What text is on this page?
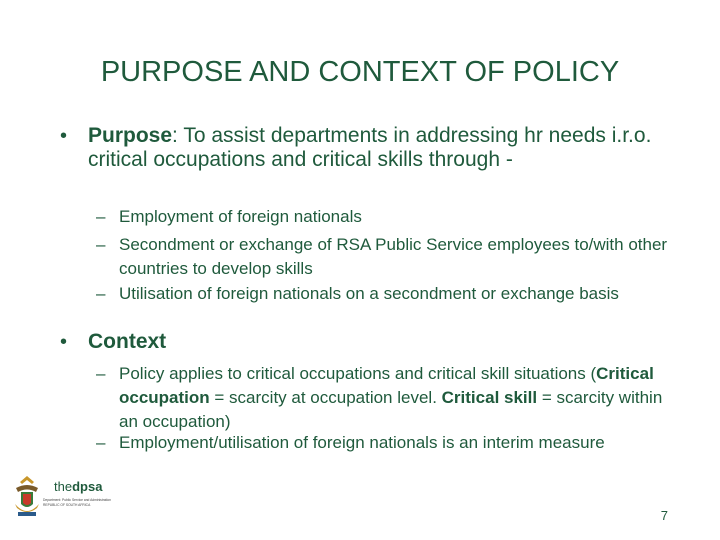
PURPOSE AND CONTEXT OF POLICY
• Purpose: To assist departments in addressing hr needs i.r.o. critical occupations and critical skills through -
– Employment of foreign nationals
– Secondment or exchange of RSA Public Service employees to/with other countries to develop skills
– Utilisation of foreign nationals on a secondment or exchange basis
• Context
– Policy applies to critical occupations and critical skill situations (Critical occupation = scarcity at occupation level. Critical skill = scarcity within an occupation)
– Employment/utilisation of foreign nationals is an interim measure
thedpsa
Department: Public Service and Administration REPUBLIC OF SOUTH AFRICA
7
